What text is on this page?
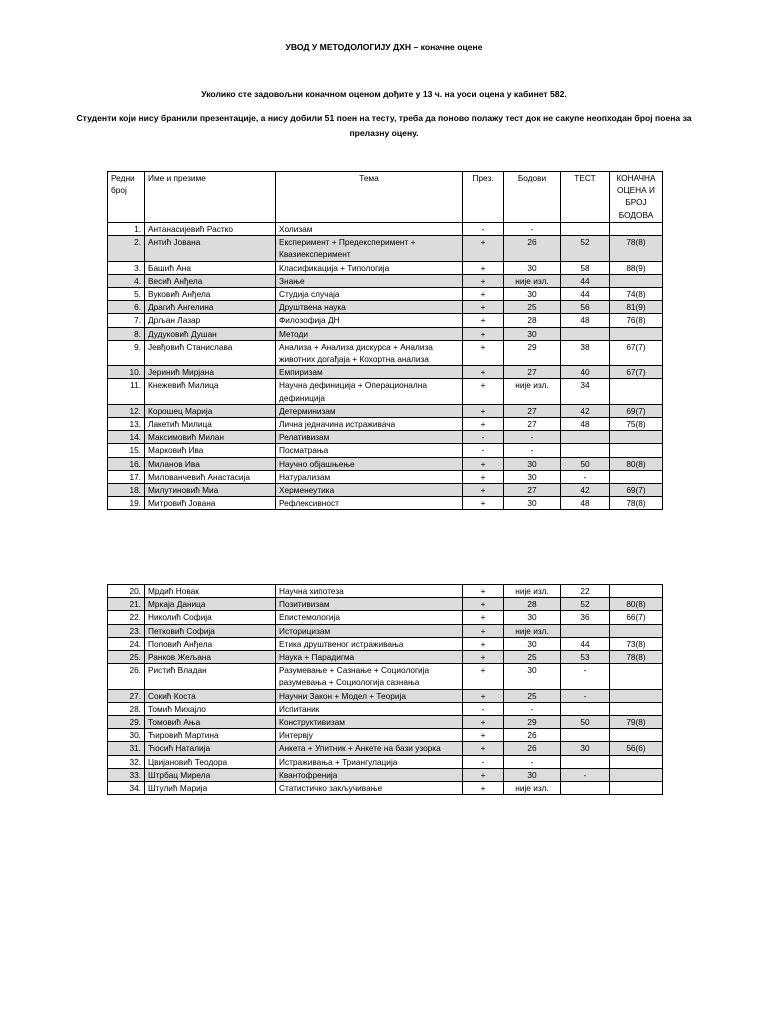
УВОД У МЕТОДОЛОГИЈУ ДХН – коначне оцене
Уколико сте задовољни коначном оценом дођите у 13 ч. на уоси оцена у кабинет 582.
Студенти који нису бранили презентације, а нису добили 51 поен на тесту, треба да поново полажу тест док не сакупе неопходан број поена за прелазну оцену.
Редни број	Име и презиме	Тема	През.	Бодови	ТЕСТ	КОНАЧНА ОЦЕНА И БРОЈ БОДОВА
1.	Антанасијевић Растко	Холизам	-	-		
2.	Антић Јована	Експеримент + Предексперимент + Квазиексперимент	+	26	52	78(8)
3.	Башић Ана	Класификација + Типологија	+	30	58	88(9)
4.	Весић Анђела	Знање	+	није изл.	44	
5.	Вуковић Анђела	Студија случаја	+	30	44	74(8)
6.	Драгић Ангелина	Друштвена наука	+	25	56	81(9)
7.	Дрљан Лазар	Филозофија ДН	+	28	48	76(8)
8.	Дудуковић Душан	Методи	+	30		
9.	Јевђовић Станислава	Анализа + Анализа дискурса + Анализа животних догађаја + Кохортна анализа	+	29	38	67(7)
10.	Јеринић Мирјана	Емпиризам	+	27	40	67(7)
11.	Кнежевић Милица	Научна дефиниција + Операционална дефиниција	+	није изл.	34	
12.	Корошец Марија	Детерминизам	+	27	42	69(7)
13.	Лакетић Милица	Лична једначина истраживача	+	27	48	75(8)
14.	Максимовић Милан	Релативизам	-	-		
15.	Марковић Ива	Посматрања	-	-		
16.	Миланов Ива	Научно објашњење	+	30	50	80(8)
17.	Милованчевић Анастасија	Натурализам	+	30	-	
18.	Милутиновић Миа	Херменеутика	+	27	42	69(7)
19.	Митровић Јована	Рефлексивност	+	30	48	78(8)
20.	Мрдић Новак	Научна хипотеза	+	није изл.	22	
21.	Мркаја Даница	Позитивизам	+	28	52	80(8)
22.	Николић Софија	Епистемологија	+	30	36	66(7)
23.	Петковић Софија	Историцизам	+	није изл.		
24.	Поповић Анђела	Етика друштвеног истраживања	+	30	44	73(8)
25.	Ранков Жељана	Наука + Парадигма	+	25	53	78(8)
26.	Ристић Владан	Разумевање + Сазнање + Социологија разумевања + Социологија сазнања	+	30	-	
27.	Сокић Коста	Научни Закон + Модел + Теорија	+	25	-	
28.	Томић Михајло	Испитаник	-	-		
29.	Томовић Ања	Конструктивизам	+	29	50	79(8)
30.	Ћировић Мартина	Интервју	+	26		
31.	Ћосић Наталија	Анкета + Упитник + Анкете на бази узорка	+	26	30	56(6)
32.	Цвијановић Теодора	Истраживања + Триангулација	-	-		
33.	Штрбац Мирела	Квантофренија	+	30	-	
34.	Штулић Марија	Статистичко закључивање	+	није изл.		
